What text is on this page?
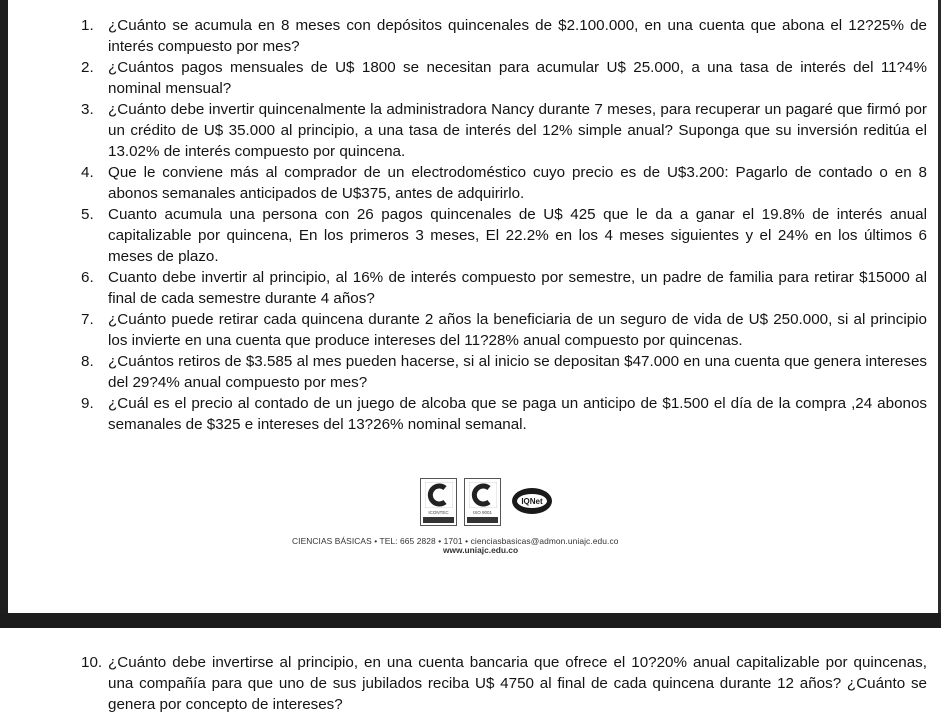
1. ¿Cuánto se acumula en 8 meses con depósitos quincenales de $2.100.000, en una cuenta que abona el 12?25% de interés compuesto por mes?
2. ¿Cuántos pagos mensuales de U$ 1800 se necesitan para acumular U$ 25.000, a una tasa de interés del 11?4% nominal mensual?
3. ¿Cuánto debe invertir quincenalmente la administradora Nancy durante 7 meses, para recuperar un pagaré que firmó por un crédito de U$ 35.000 al principio, a una tasa de interés del 12% simple anual? Suponga que su inversión reditúa el 13.02% de interés compuesto por quincena.
4. Que le conviene más al comprador de un electrodoméstico cuyo precio es de U$3.200: Pagarlo de contado o en 8 abonos semanales anticipados de U$375, antes de adquirirlo.
5. Cuanto acumula una persona con 26 pagos quincenales de U$ 425 que le da a ganar el 19.8% de interés anual capitalizable por quincena, En los primeros 3 meses, El 22.2% en los 4 meses siguientes y el 24% en los últimos 6 meses de plazo.
6. Cuanto debe invertir al principio, al 16% de interés compuesto por semestre, un padre de familia para retirar $15000 al final de cada semestre durante 4 años?
7. ¿Cuánto puede retirar cada quincena durante 2 años la beneficiaria de un seguro de vida de U$ 250.000, si al principio los invierte en una cuenta que produce intereses del 11?28% anual compuesto por quincenas.
8. ¿Cuántos retiros de $3.585 al mes pueden hacerse, si al inicio se depositan $47.000 en una cuenta que genera intereses del 29?4% anual compuesto por mes?
9. ¿Cuál es el precio al contado de un juego de alcoba que se paga un anticipo de $1.500 el día de la compra ,24 abonos semanales de $325 e intereses del 13?26% nominal semanal.
ICONTEC	ISO 9001
IQNet
CIENCIAS BÁSICAS • TEL: 665 2828 • 1701 • cienciasbasicas@admon.uniajc.edu.co
www.uniajc.edu.co
10. ¿Cuánto debe invertirse al principio, en una cuenta bancaria que ofrece el 10?20% anual capitalizable por quincenas, una compañía para que uno de sus jubilados reciba U$ 4750 al final de cada quincena durante 12 años? ¿Cuánto se genera por concepto de intereses?
